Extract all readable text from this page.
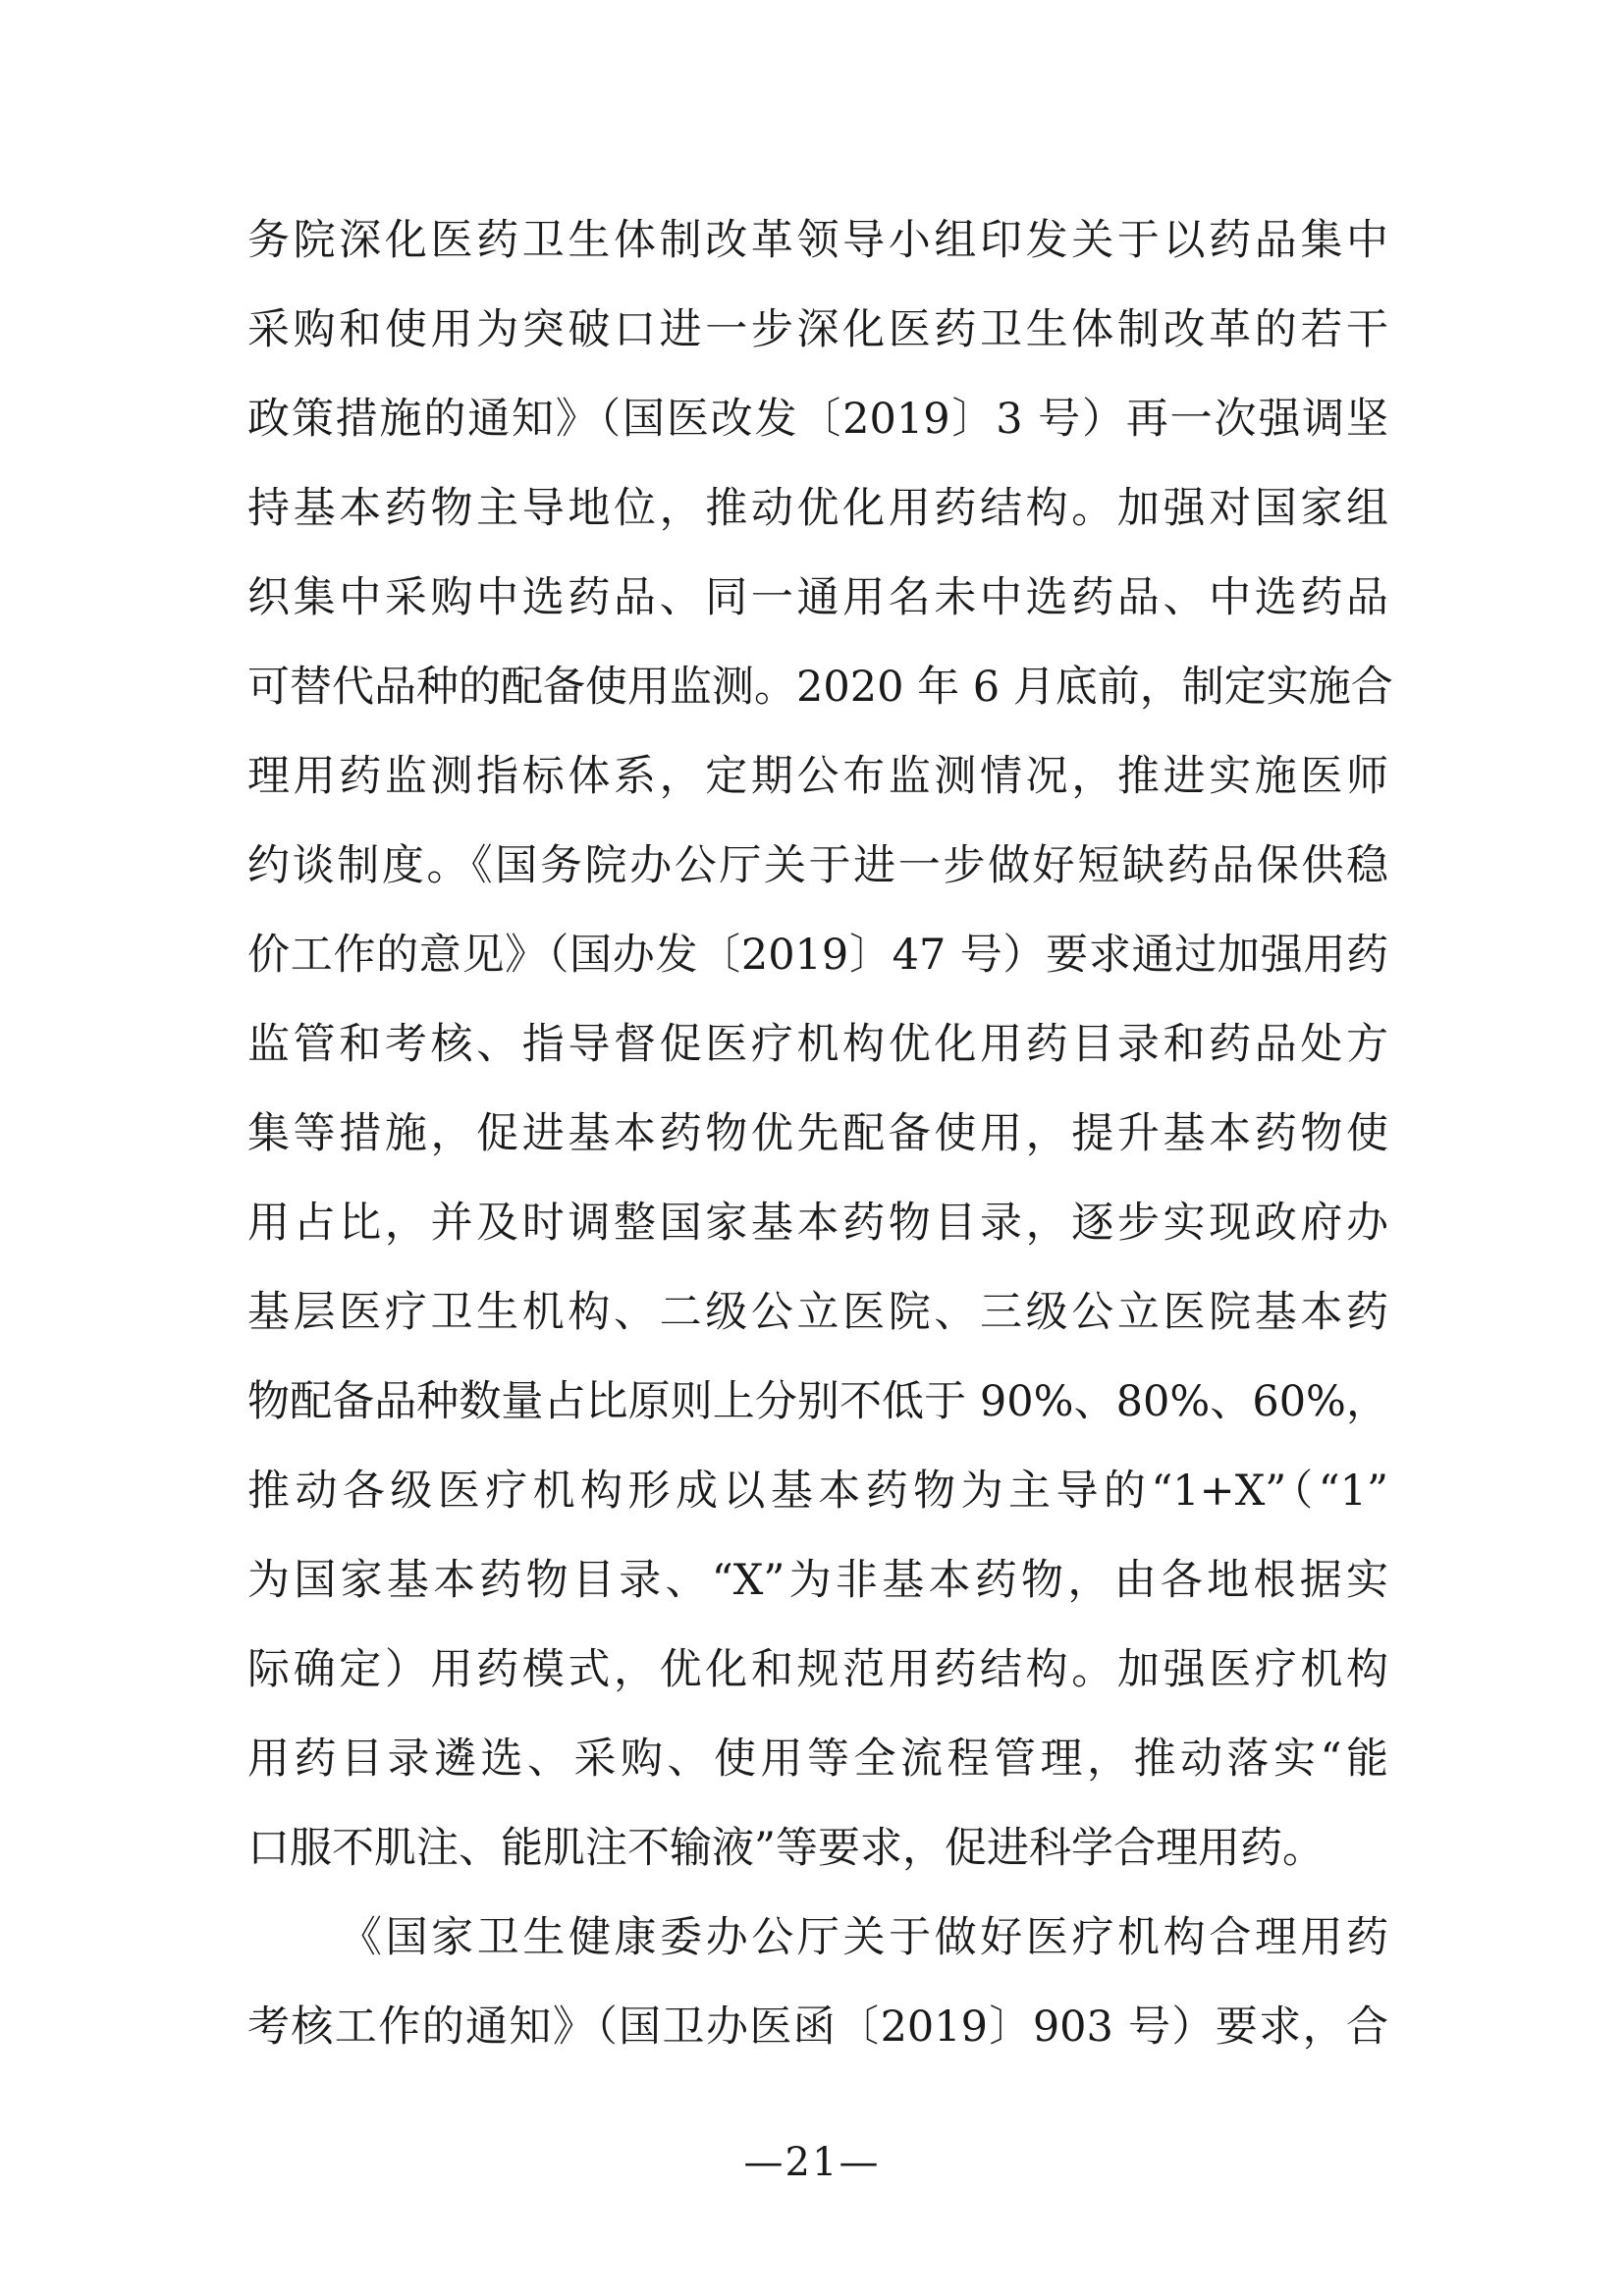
务院深化医药卫生体制改革领导小组印发关于以药品集中
采购和使用为突破口进一步深化医药卫生体制改革的若干
政策措施的通知》（国医改发〔2019〕3 号）再一次强调坚
持基本药物主导地位，推动优化用药结构。加强对国家组
织集中采购中选药品、同一通用名未中选药品、中选药品
可替代品种的配备使用监测。2020 年 6 月底前，制定实施合
理用药监测指标体系，定期公布监测情况，推进实施医师
约谈制度。《国务院办公厅关于进一步做好短缺药品保供稳
价工作的意见》（国办发〔2019〕47 号）要求通过加强用药
监管和考核、指导督促医疗机构优化用药目录和药品处方
集等措施，促进基本药物优先配备使用，提升基本药物使
用占比，并及时调整国家基本药物目录，逐步实现政府办
基层医疗卫生机构、二级公立医院、三级公立医院基本药
物配备品种数量占比原则上分别不低于 90%、80%、60%，
推动各级医疗机构形成以基本药物为主导的“1+X”（“1”
为国家基本药物目录、“X”为非基本药物，由各地根据实
际确定）用药模式，优化和规范用药结构。加强医疗机构
用药目录遴选、采购、使用等全流程管理，推动落实“能
口服不肌注、能肌注不输液”等要求，促进科学合理用药。
《国家卫生健康委办公厅关于做好医疗机构合理用药
考核工作的通知》（国卫办医函〔2019〕903 号）要求，合
—21—
